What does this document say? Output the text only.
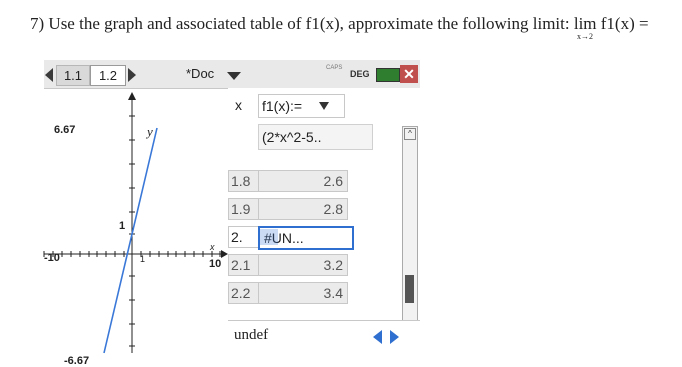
7) Use the graph and associated table of f1(x), approximate the following limit: lim f1(x) =
x→2
1.1	1.2	*Doc	CAPS
DEG ✕
6.67	y
1
-10	1
x
10
-6.67
x	f1(x):=
(2*x^2-5..
1.8	2.6
1.9	2.8
2.	#UN...
2.1	3.2
2.2	3.4
^
undef
